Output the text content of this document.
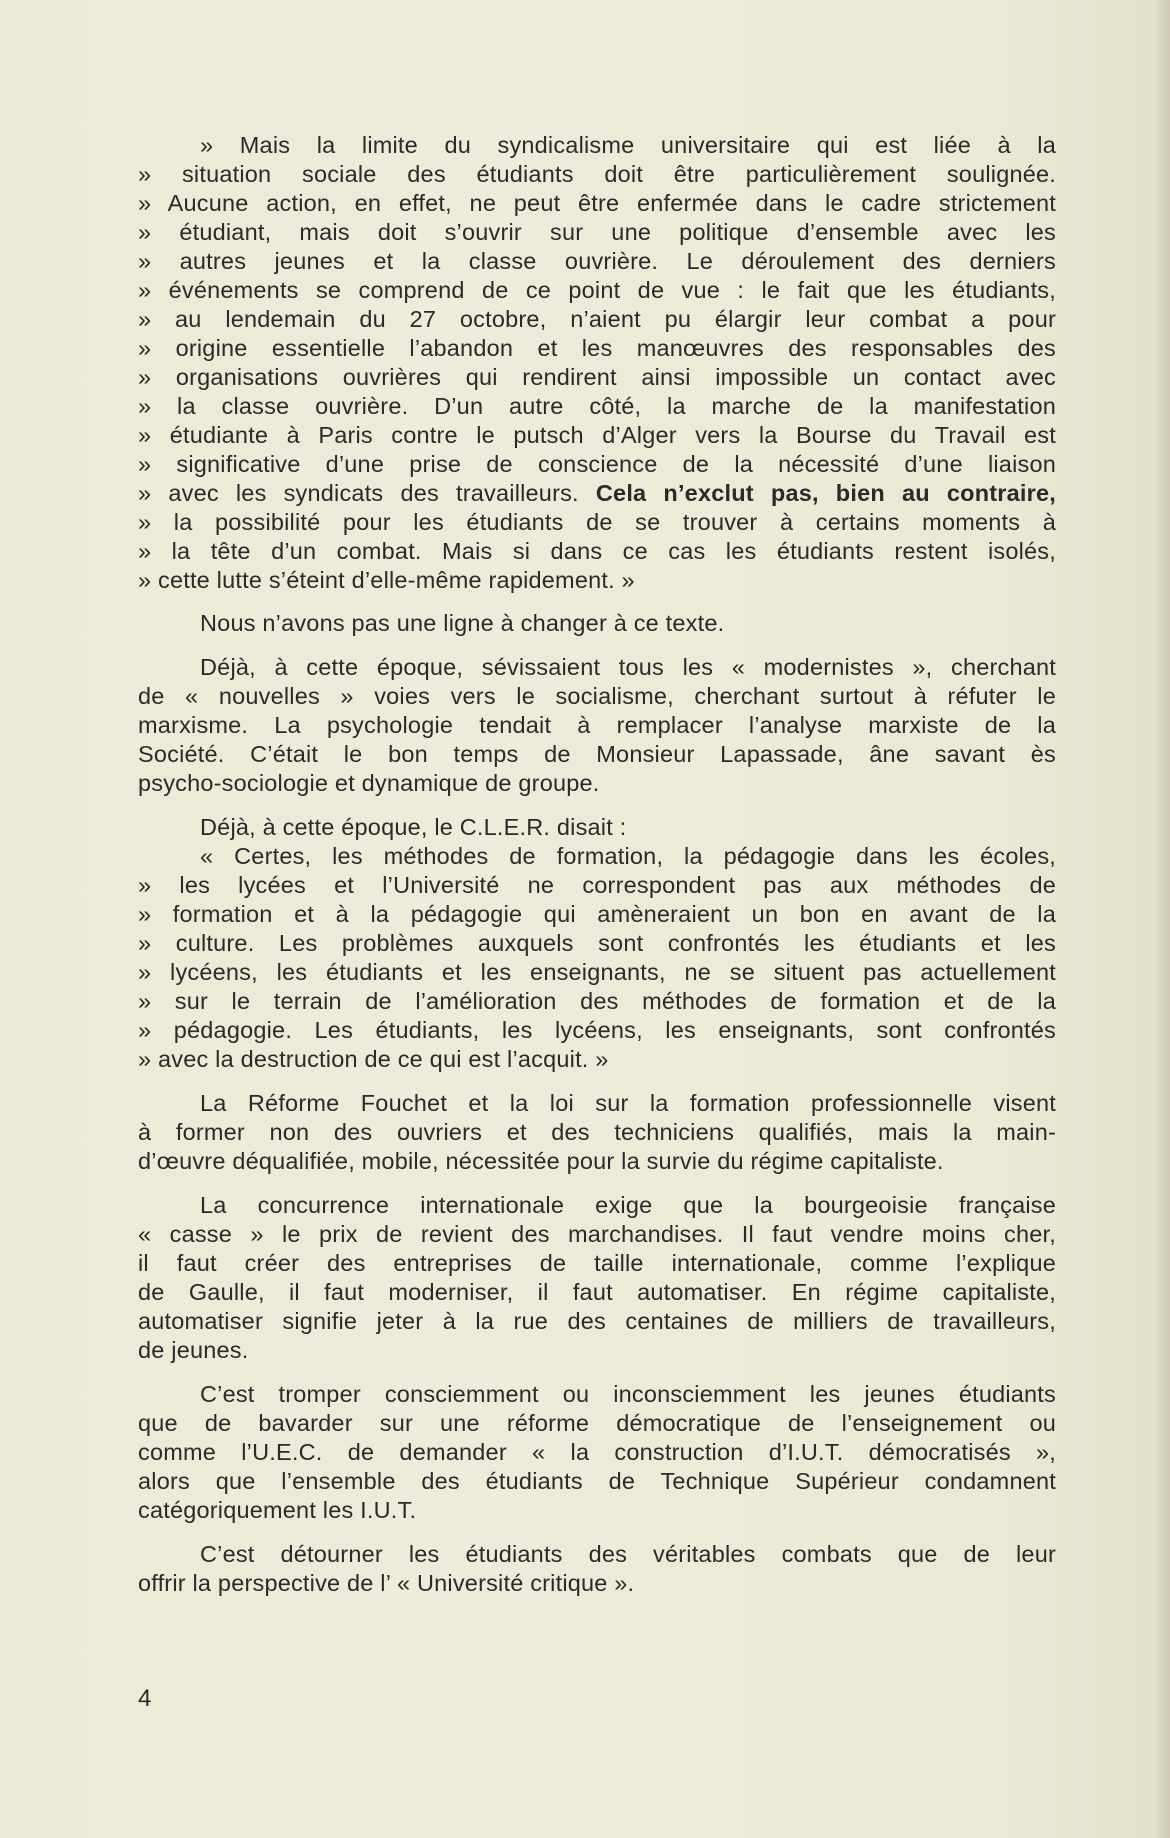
» Mais la limite du syndicalisme universitaire qui est liée à la
» situation sociale des étudiants doit être particulièrement soulignée.
» Aucune action, en effet, ne peut être enfermée dans le cadre strictement
» étudiant, mais doit s’ouvrir sur une politique d’ensemble avec les
» autres jeunes et la classe ouvrière. Le déroulement des derniers
» événements se comprend de ce point de vue : le fait que les étudiants,
» au lendemain du 27 octobre, n’aient pu élargir leur combat a pour
» origine essentielle l’abandon et les manœuvres des responsables des
» organisations ouvrières qui rendirent ainsi impossible un contact avec
» la classe ouvrière. D’un autre côté, la marche de la manifestation
» étudiante à Paris contre le putsch d’Alger vers la Bourse du Travail est
» significative d’une prise de conscience de la nécessité d’une liaison
» avec les syndicats des travailleurs. Cela n’exclut pas, bien au contraire,
» la possibilité pour les étudiants de se trouver à certains moments à
» la tête d’un combat. Mais si dans ce cas les étudiants restent isolés,
» cette lutte s’éteint d’elle-même rapidement. »
Nous n’avons pas une ligne à changer à ce texte.
Déjà, à cette époque, sévissaient tous les « modernistes », cherchant
de « nouvelles » voies vers le socialisme, cherchant surtout à réfuter le
marxisme. La psychologie tendait à remplacer l’analyse marxiste de la
Société. C’était le bon temps de Monsieur Lapassade, âne savant ès
psycho-sociologie et dynamique de groupe.
Déjà, à cette époque, le C.L.E.R. disait :
« Certes, les méthodes de formation, la pédagogie dans les écoles,
» les lycées et l’Université ne correspondent pas aux méthodes de
» formation et à la pédagogie qui amèneraient un bon en avant de la
» culture. Les problèmes auxquels sont confrontés les étudiants et les
» lycéens, les étudiants et les enseignants, ne se situent pas actuellement
» sur le terrain de l’amélioration des méthodes de formation et de la
» pédagogie. Les étudiants, les lycéens, les enseignants, sont confrontés
» avec la destruction de ce qui est l’acquit. »
La Réforme Fouchet et la loi sur la formation professionnelle visent
à former non des ouvriers et des techniciens qualifiés, mais la main-
d’œuvre déqualifiée, mobile, nécessitée pour la survie du régime capitaliste.
La concurrence internationale exige que la bourgeoisie française
« casse » le prix de revient des marchandises. Il faut vendre moins cher,
il faut créer des entreprises de taille internationale, comme l’explique
de Gaulle, il faut moderniser, il faut automatiser. En régime capitaliste,
automatiser signifie jeter à la rue des centaines de milliers de travailleurs,
de jeunes.
C’est tromper consciemment ou inconsciemment les jeunes étudiants
que de bavarder sur une réforme démocratique de l’enseignement ou
comme l’U.E.C. de demander « la construction d’I.U.T. démocratisés »,
alors que l’ensemble des étudiants de Technique Supérieur condamnent
catégoriquement les I.U.T.
C’est détourner les étudiants des véritables combats que de leur
offrir la perspective de l’ « Université critique ».
4
